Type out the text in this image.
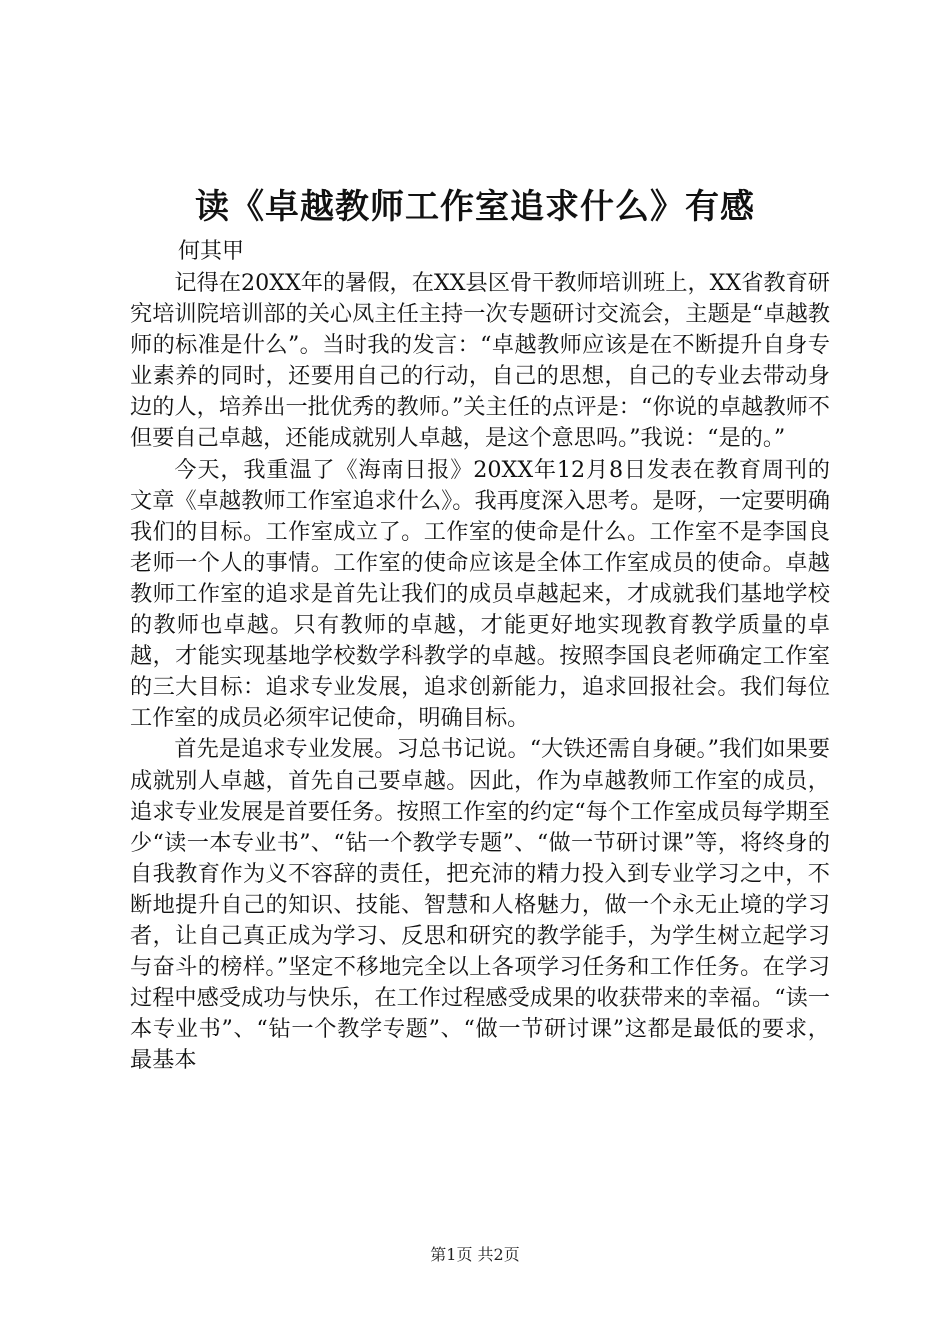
读《卓越教师工作室追求什么》有感
何其甲

记得在20XX年的暑假，在XX县区骨干教师培训班上，XX省教育研究培训院培训部的关心凤主任主持一次专题研讨交流会，主题是“卓越教师的标准是什么”。当时我的发言：“卓越教师应该是在不断提升自身专业素养的同时，还要用自己的行动，自己的思想，自己的专业去带动身边的人，培养出一批优秀的教师。”关主任的点评是：“你说的卓越教师不但要自己卓越，还能成就别人卓越，是这个意思吗。”我说：“是的。”

今天，我重温了《海南日报》20XX年12月8日发表在教育周刊的文章《卓越教师工作室追求什么》。我再度深入思考。是呀，一定要明确我们的目标。工作室成立了。工作室的使命是什么。工作室不是李国良老师一个人的事情。工作室的使命应该是全体工作室成员的使命。卓越教师工作室的追求是首先让我们的成员卓越起来，才成就我们基地学校的教师也卓越。只有教师的卓越，才能更好地实现教育教学质量的卓越，才能实现基地学校数学科教学的卓越。按照李国良老师确定工作室的三大目标：追求专业发展，追求创新能力，追求回报社会。我们每位工作室的成员必须牢记使命，明确目标。

首先是追求专业发展。习总书记说。“大铁还需自身硬。”我们如果要成就别人卓越，首先自己要卓越。因此，作为卓越教师工作室的成员，追求专业发展是首要任务。按照工作室的约定“每个工作室成员每学期至少“读一本专业书”、“钻一个教学专题”、“做一节研讨课”等，将终身的自我教育作为义不容辞的责任，把充沛的精力投入到专业学习之中，不断地提升自己的知识、技能、智慧和人格魅力，做一个永无止境的学习者，让自己真正成为学习、反思和研究的教学能手，为学生树立起学习与奋斗的榜样。”坚定不移地完全以上各项学习任务和工作任务。在学习过程中感受成功与快乐，在工作过程感受成果的收获带来的幸福。“读一本专业书”、“钻一个教学专题”、“做一节研讨课”这都是最低的要求，最基本

第1页 共2页
